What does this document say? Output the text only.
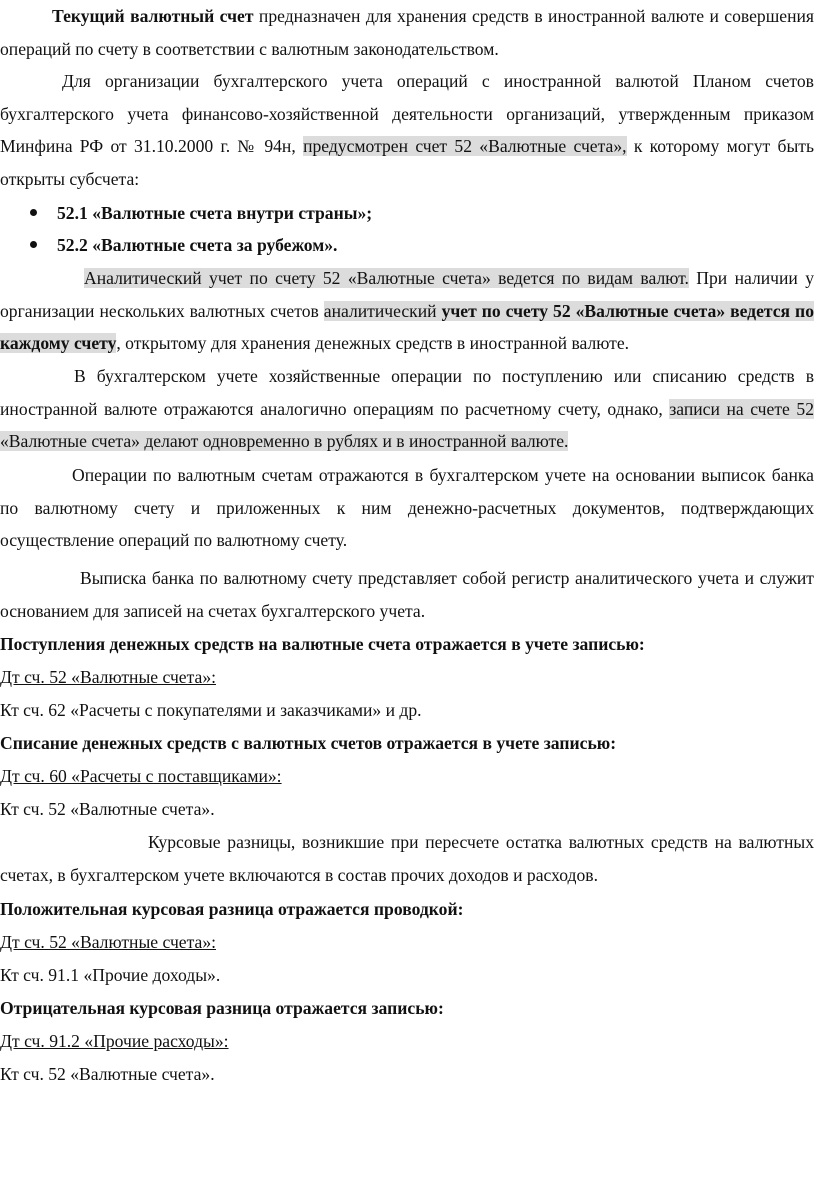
Текущий валютный счет предназначен для хранения средств в иностранной валюте и совершения операций по счету в соответствии с валютным законодательством.

Для организации бухгалтерского учета операций с иностранной валютой Планом счетов бухгалтерского учета финансово-хозяйственной деятельности организаций, утвержденным приказом Минфина РФ от 31.10.2000 г. № 94н, предусмотрен счет 52 «Валютные счета», к которому могут быть открыты субсчета:

52.1 «Валютные счета внутри страны»;
52.2 «Валютные счета за рубежом».

Аналитический учет по счету 52 «Валютные счета» ведется по видам валют. При наличии у организации нескольких валютных счетов аналитический учет по счету 52 «Валютные счета» ведется по каждому счету, открытому для хранения денежных средств в иностранной валюте.

В бухгалтерском учете хозяйственные операции по поступлению или списанию средств в иностранной валюте отражаются аналогично операциям по расчетному счету, однако, записи на счете 52 «Валютные счета» делают одновременно в рублях и в иностранной валюте.

Операции по валютным счетам отражаются в бухгалтерском учете на основании выписок банка по валютному счету и приложенных к ним денежно-расчетных документов, подтверждающих осуществление операций по валютному счету.

Выписка банка по валютному счету представляет собой регистр аналитического учета и служит основанием для записей на счетах бухгалтерского учета.

Поступления денежных средств на валютные счета отражается в учете записью:

Дт сч. 52 «Валютные счета»:

Кт сч. 62 «Расчеты с покупателями и заказчиками» и др.

Списание денежных средств с валютных счетов отражается в учете записью:

Дт сч. 60 «Расчеты с поставщиками»:

Кт сч. 52 «Валютные счета».

Курсовые разницы, возникшие при пересчете остатка валютных средств на валютных счетах, в бухгалтерском учете включаются в состав прочих доходов и расходов.

Положительная курсовая разница отражается проводкой:

Дт сч. 52 «Валютные счета»:

Кт сч. 91.1 «Прочие доходы».

Отрицательная курсовая разница отражается записью:

Дт сч. 91.2 «Прочие расходы»:

Кт сч. 52 «Валютные счета».
